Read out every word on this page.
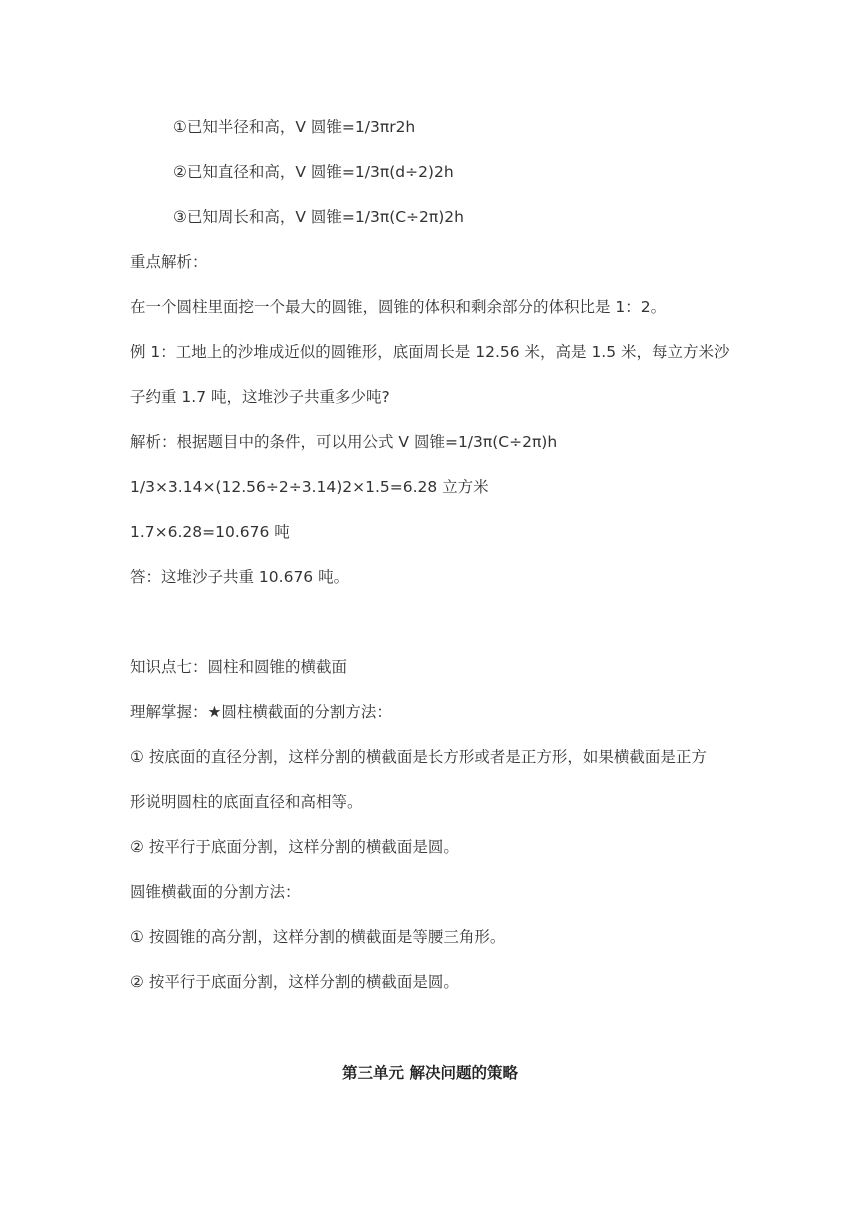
①已知半径和高，V 圆锥=1/3πr2h
②已知直径和高，V 圆锥=1/3π(d÷2)2h
③已知周长和高，V 圆锥=1/3π(C÷2π)2h
重点解析：
在一个圆柱里面挖一个最大的圆锥，圆锥的体积和剩余部分的体积比是 1：2。
例 1：工地上的沙堆成近似的圆锥形，底面周长是 12.56 米，高是 1.5 米，每立方米沙
子约重 1.7 吨，这堆沙子共重多少吨?
解析：根据题目中的条件，可以用公式 V 圆锥=1/3π(C÷2π)h
1/3×3.14×(12.56÷2÷3.14)2×1.5=6.28 立方米
1.7×6.28=10.676 吨
答：这堆沙子共重 10.676 吨。
知识点七：圆柱和圆锥的横截面
理解掌握：★圆柱横截面的分割方法：
① 按底面的直径分割，这样分割的横截面是长方形或者是正方形，如果横截面是正方
形说明圆柱的底面直径和高相等。
② 按平行于底面分割，这样分割的横截面是圆。
圆锥横截面的分割方法：
① 按圆锥的高分割，这样分割的横截面是等腰三角形。
② 按平行于底面分割，这样分割的横截面是圆。
第三单元 解决问题的策略
